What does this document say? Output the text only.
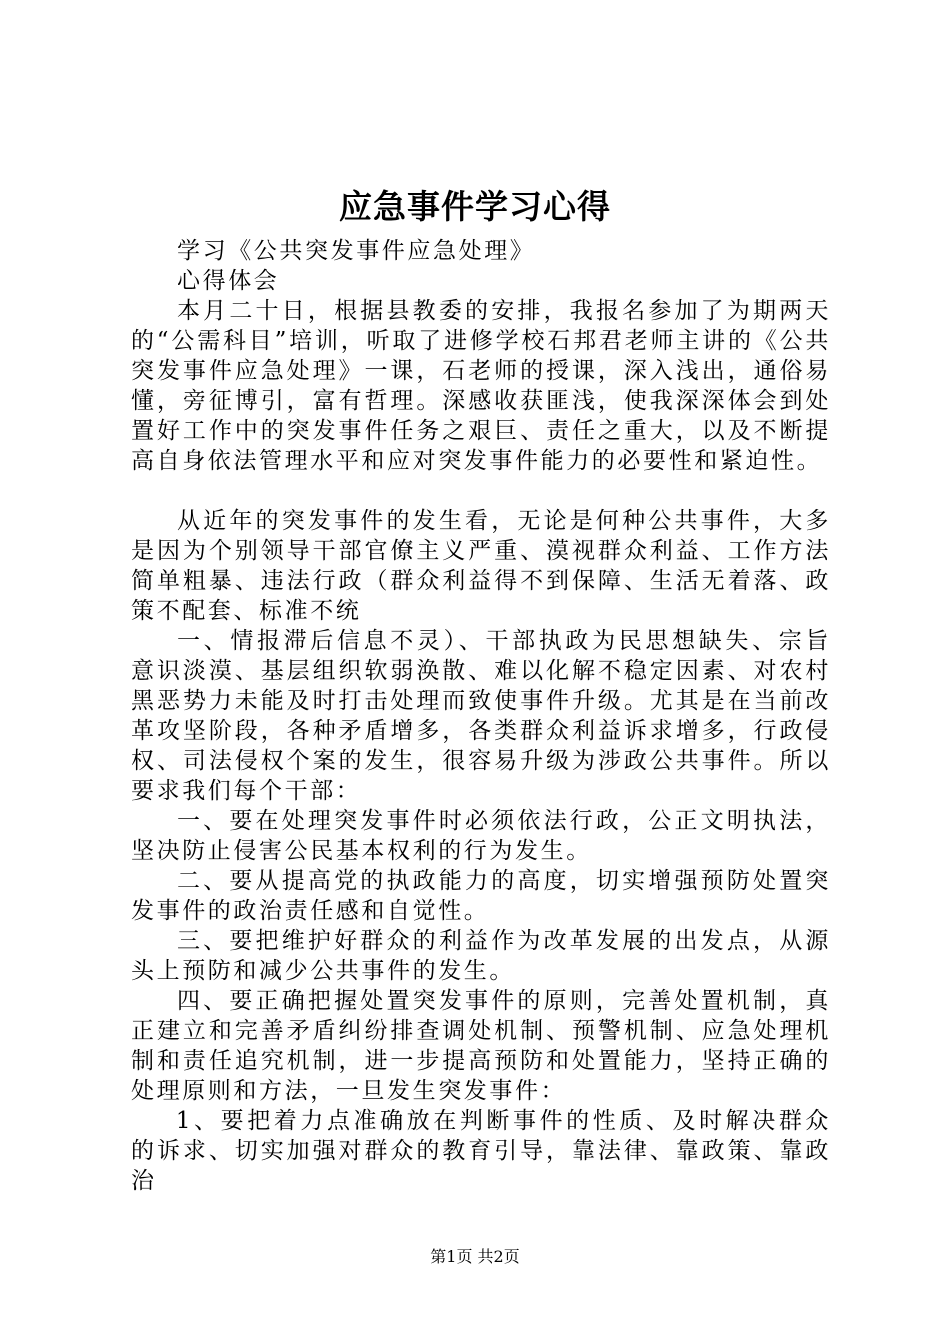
应急事件学习心得

学习《公共突发事件应急处理》

心得体会

本月二十日，根据县教委的安排，我报名参加了为期两天的“公需科目”培训，听取了进修学校石邦君老师主讲的《公共突发事件应急处理》一课，石老师的授课，深入浅出，通俗易懂，旁征博引，富有哲理。深感收获匪浅，使我深深体会到处置好工作中的突发事件任务之艰巨、责任之重大，以及不断提高自身依法管理水平和应对突发事件能力的必要性和紧迫性。

从近年的突发事件的发生看，无论是何种公共事件，大多是因为个别领导干部官僚主义严重、漠视群众利益、工作方法简单粗暴、违法行政（群众利益得不到保障、生活无着落、政策不配套、标准不统

一、情报滞后信息不灵）、干部执政为民思想缺失、宗旨意识淡漠、基层组织软弱涣散、难以化解不稳定因素、对农村黑恶势力未能及时打击处理而致使事件升级。尤其是在当前改革攻坚阶段，各种矛盾增多，各类群众利益诉求增多，行政侵权、司法侵权个案的发生，很容易升级为涉政公共事件。所以要求我们每个干部：

一、要在处理突发事件时必须依法行政，公正文明执法，坚决防止侵害公民基本权利的行为发生。

二、要从提高党的执政能力的高度，切实增强预防处置突发事件的政治责任感和自觉性。

三、要把维护好群众的利益作为改革发展的出发点，从源头上预防和减少公共事件的发生。

四、要正确把握处置突发事件的原则，完善处置机制，真正建立和完善矛盾纠纷排查调处机制、预警机制、应急处理机制和责任追究机制，进一步提高预防和处置能力，坚持正确的处理原则和方法，一旦发生突发事件：

1、要把着力点准确放在判断事件的性质、及时解决群众的诉求、切实加强对群众的教育引导，靠法律、靠政策、靠政治

第1页 共2页
